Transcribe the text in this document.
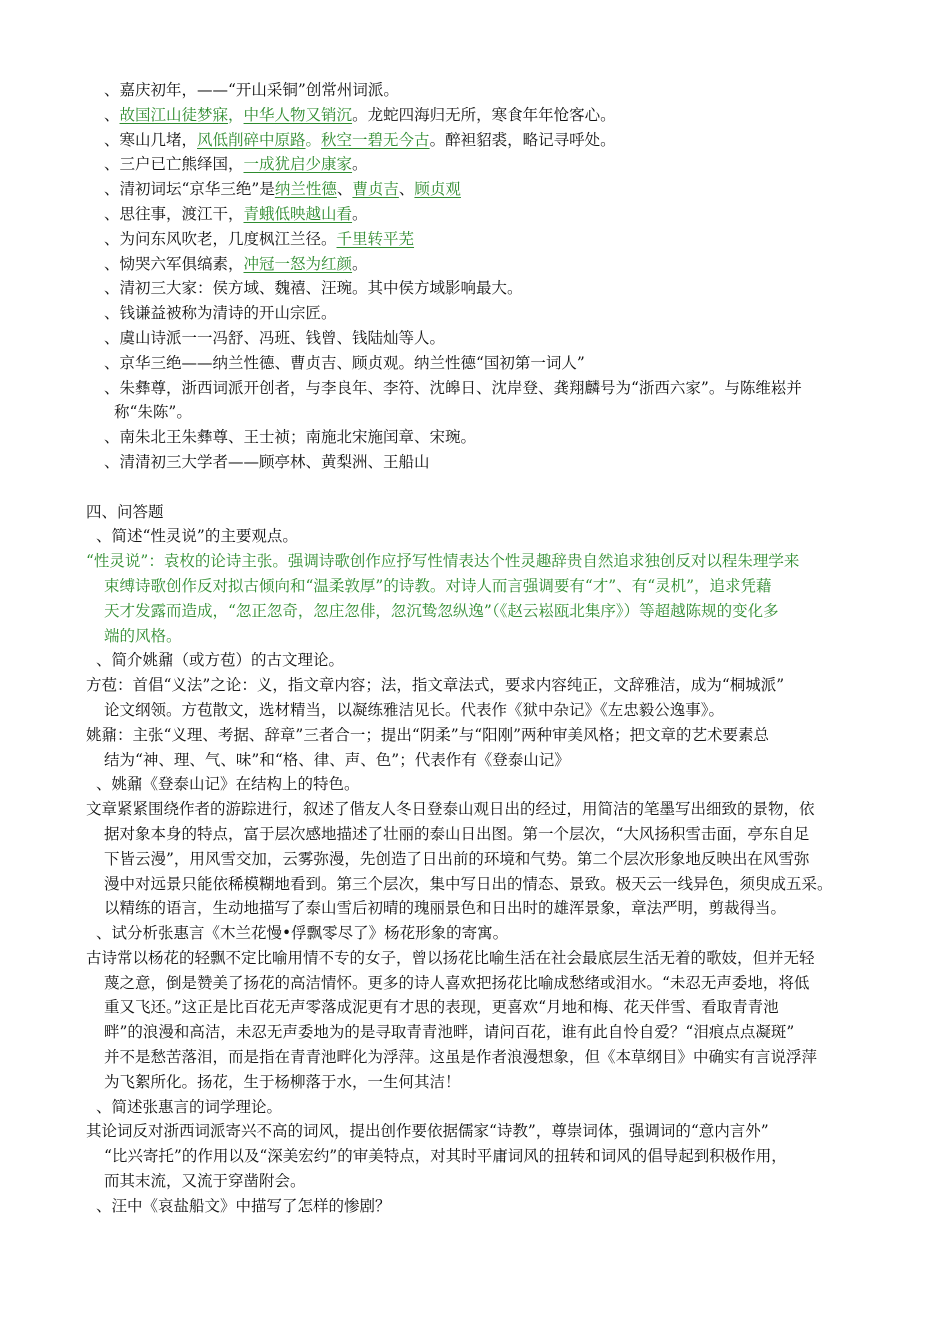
、嘉庆初年，——“开山采铜”创常州词派。
、故国江山徒梦寐，中华人物又销沉。龙蛇四海归无所，寒食年年怆客心。
、寒山几堵，风低削碎中原路。秋空一碧无今古。醉袒貂裘，略记寻呼处。
、三户已亡熊绎国，一成犹启少康家。
、清初词坛“京华三绝”是纳兰性德、曹贞吉、顾贞观
、思往事，渡江干，青蛾低映越山看。
、为问东风吹老，几度枫江兰径。千里转平芜
、恸哭六军俱缟素，冲冠一怒为红颜。
、清初三大家：侯方域、魏禧、汪琬。其中侯方域影响最大。
、钱谦益被称为清诗的开山宗匠。
、虞山诗派一一冯舒、冯班、钱曾、钱陆灿等人。
、京华三绝——纳兰性德、曹贞吉、顾贞观。纳兰性德“国初第一词人”
、朱彝尊，浙西词派开创者，与李良年、李符、沈皞日、沈岸登、龚翔麟号为“浙西六家”。与陈维崧并
称“朱陈”。
、南朱北王朱彝尊、王士祯；南施北宋施闰章、宋琬。
、清清初三大学者——顾亭林、黄梨洲、王船山
四、问答题
、简述“性灵说”的主要观点。
“性灵说”：袁枚的论诗主张。强调诗歌创作应抒写性情表达个性灵趣辞贵自然追求独创反对以程朱理学来
束缚诗歌创作反对拟古倾向和“温柔敦厚”的诗教。对诗人而言强调要有“才”、有“灵机”，追求凭藉
天才发露而造成，“忽正忽奇，忽庄忽俳，忽沉鸷忽纵逸”（《赵云崧瓯北集序》）等超越陈规的变化多
端的风格。
、简介姚鼐（或方苞）的古文理论。
方苞：首倡“义法”之论：义，指文章内容；法，指文章法式，要求内容纯正，文辞雅洁，成为“桐城派”
论文纲领。方苞散文，选材精当，以凝练雅洁见长。代表作《狱中杂记》《左忠毅公逸事》。
姚鼐：主张“义理、考据、辞章”三者合一；提出“阴柔”与“阳刚”两种审美风格；把文章的艺术要素总
结为“神、理、气、味”和“格、律、声、色”；代表作有《登泰山记》
、姚鼐《登泰山记》在结构上的特色。
文章紧紧围绕作者的游踪进行，叙述了偕友人冬日登泰山观日出的经过，用简洁的笔墨写出细致的景物，依
据对象本身的特点，富于层次感地描述了壮丽的泰山日出图。第一个层次，“大风扬积雪击面，亭东自足
下皆云漫”，用风雪交加，云雾弥漫，先创造了日出前的环境和气势。第二个层次形象地反映出在风雪弥
漫中对远景只能依稀模糊地看到。第三个层次，集中写日出的情态、景致。极天云一线异色，须臾成五采。
以精练的语言，生动地描写了泰山雪后初晴的瑰丽景色和日出时的雄浑景象，章法严明，剪裁得当。
、试分析张惠言《木兰花慢•俘飘零尽了》杨花形象的寄寓。
古诗常以杨花的轻飘不定比喻用情不专的女子，曾以扬花比喻生活在社会最底层生活无着的歌妓，但并无轻
蔑之意，倒是赞美了扬花的高洁情怀。更多的诗人喜欢把扬花比喻成愁绪或泪水。“未忍无声委地，将低
重又飞还。”这正是比百花无声零落成泥更有才思的表现，更喜欢“月地和梅、花天伴雪、看取青青池
畔”的浪漫和高洁，未忍无声委地为的是寻取青青池畔，请问百花，谁有此自怜自爱？“泪痕点点凝斑”
并不是愁苦落泪，而是指在青青池畔化为浮萍。这虽是作者浪漫想象，但《本草纲目》中确实有言说浮萍
为飞絮所化。扬花，生于杨柳落于水，一生何其洁！
、简述张惠言的词学理论。
其论词反对浙西词派寄兴不高的词风，提出创作要依据儒家“诗教”，尊崇词体，强调词的“意内言外”
“比兴寄托”的作用以及“深美宏约”的审美特点，对其时平庸词风的扭转和词风的倡导起到积极作用，
而其末流，又流于穿凿附会。
、汪中《哀盐船文》中描写了怎样的惨剧？
